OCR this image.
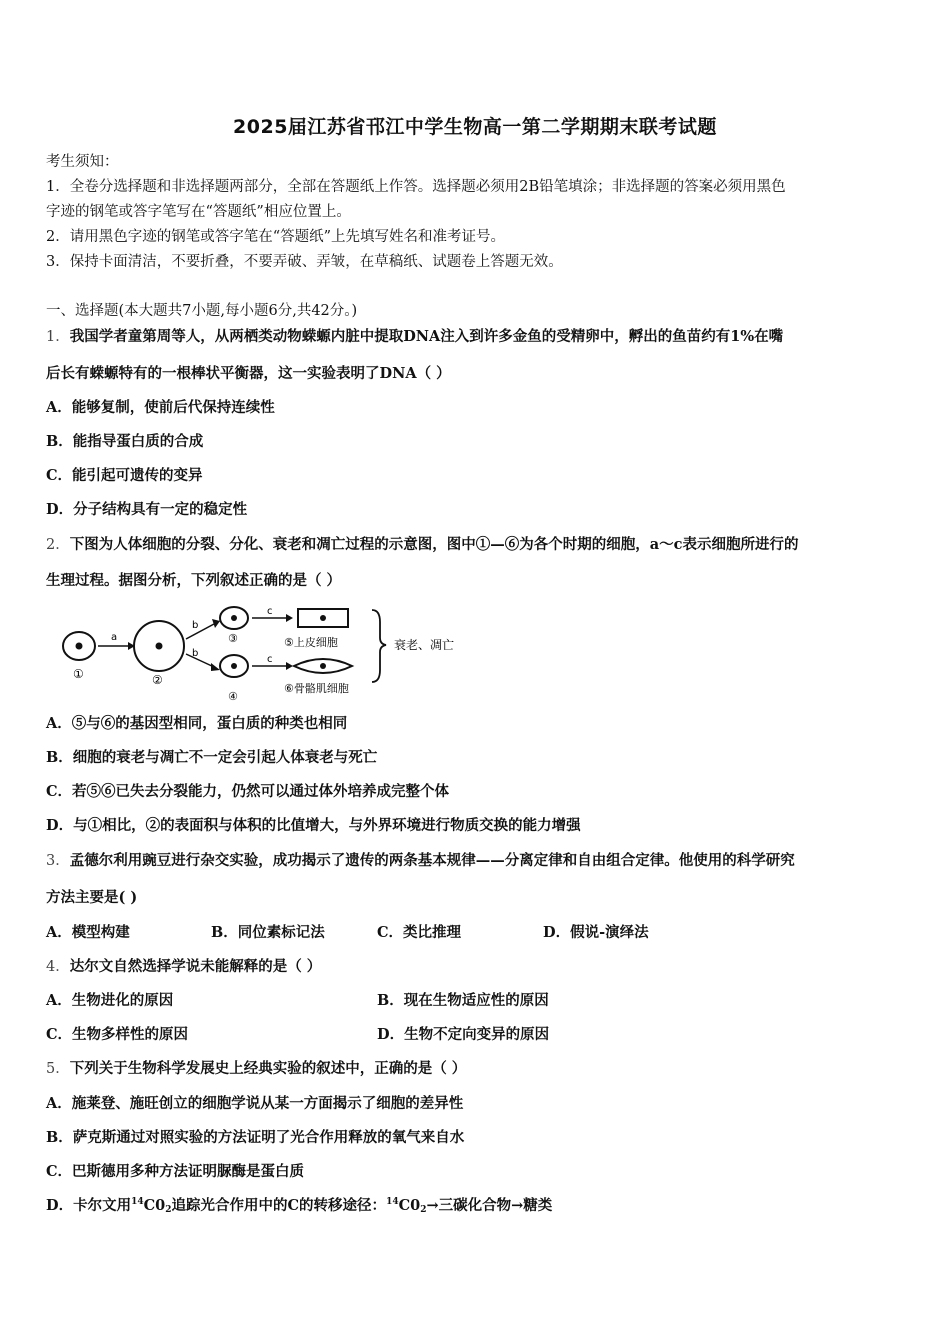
2025届江苏省邗江中学生物高一第二学期期末联考试题
考生须知：
1．全卷分选择题和非选择题两部分，全部在答题纸上作答。选择题必须用2B铅笔填涂；非选择题的答案必须用黑色
字迹的钢笔或答字笔写在“答题纸”相应位置上。
2．请用黑色字迹的钢笔或答字笔在“答题纸”上先填写姓名和准考证号。
3．保持卡面清洁，不要折叠，不要弄破、弄皱，在草稿纸、试题卷上答题无效。
一、选择题(本大题共7小题,每小题6分,共42分。)
1．我国学者童第周等人，从两栖类动物蝾螈内脏中提取DNA注入到许多金鱼的受精卵中，孵出的鱼苗约有1%在嘴
后长有蝾螈特有的一根棒状平衡器，这一实验表明了DNA（ ）
A．能够复制，使前后代保持连续性
B．能指导蛋白质的合成
C．能引起可遗传的变异
D．分子结构具有一定的稳定性
2．下图为人体细胞的分裂、分化、衰老和凋亡过程的示意图，图中①—⑥为各个时期的细胞，a～c表示细胞所进行的
生理过程。据图分析，下列叙述正确的是（ ）
①
a
②
b
b
③
④
c
c
⑤上皮细胞
⑥骨骼肌细胞
衰老、凋亡
A．⑤与⑥的基因型相同，蛋白质的种类也相同
B．细胞的衰老与凋亡不一定会引起人体衰老与死亡
C．若⑤⑥已失去分裂能力，仍然可以通过体外培养成完整个体
D．与①相比，②的表面积与体积的比值增大，与外界环境进行物质交换的能力增强
3．孟德尔利用豌豆进行杂交实验，成功揭示了遗传的两条基本规律——分离定律和自由组合定律。他使用的科学研究
方法主要是( )
A．模型构建	B．同位素标记法	C．类比推理	D．假说-演绎法
4．达尔文自然选择学说未能解释的是（ ）
A．生物进化的原因	B．现在生物适应性的原因
C．生物多样性的原因	D．生物不定向变异的原因
5．下列关于生物科学发展史上经典实验的叙述中，正确的是（ ）
A．施莱登、施旺创立的细胞学说从某一方面揭示了细胞的差异性
B．萨克斯通过对照实验的方法证明了光合作用释放的氧气来自水
C．巴斯德用多种方法证明脲酶是蛋白质
D．卡尔文用$^{14}C0_2$追踪光合作用中的C的转移途径：$^{14}C0_2\to$三碳化合物→糖类
